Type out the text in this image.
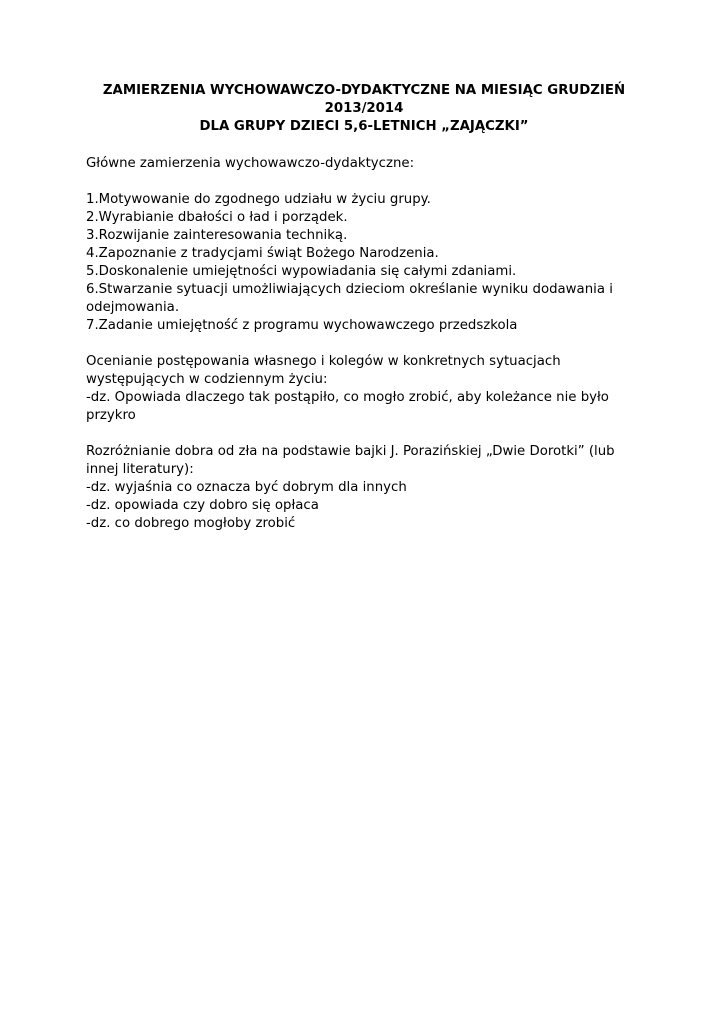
ZAMIERZENIA WYCHOWAWCZO-DYDAKTYCZNE NA MIESIĄC GRUDZIEŃ
2013/2014
DLA GRUPY DZIECI 5,6-LETNICH „ZAJĄCZKI”

Główne zamierzenia wychowawczo-dydaktyczne:

1.Motywowanie do zgodnego udziału w życiu grupy.
2.Wyrabianie dbałości o ład i porządek.
3.Rozwijanie zainteresowania techniką.
4.Zapoznanie z tradycjami świąt Bożego Narodzenia.
5.Doskonalenie umiejętności wypowiadania się całymi zdaniami.
6.Stwarzanie sytuacji umożliwiających dzieciom określanie wyniku dodawania i odejmowania.
7.Zadanie umiejętność z programu wychowawczego przedszkola
Ocenianie postępowania własnego i kolegów w konkretnych sytuacjach występujących w codziennym życiu:
-dz. Opowiada dlaczego tak postąpiło, co mogło zrobić, aby koleżance nie było przykro
Rozróżnianie dobra od zła na podstawie bajki J. Porazińskiej „Dwie Dorotki” (lub innej literatury):
-dz. wyjaśnia co oznacza być dobrym dla innych
-dz. opowiada czy dobro się opłaca
-dz. co dobrego mogłoby zrobić
